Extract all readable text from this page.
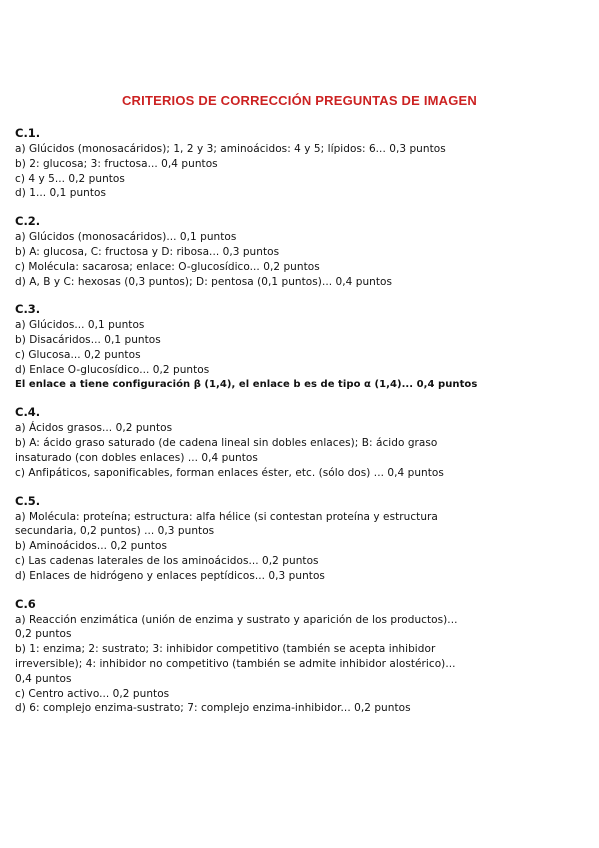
CRITERIOS DE CORRECCIÓN PREGUNTAS DE IMAGEN
C.1.
a) Glúcidos (monosacáridos); 1, 2 y 3; aminoácidos: 4 y 5; lípidos: 6... 0,3 puntos
b) 2: glucosa; 3: fructosa... 0,4 puntos
c) 4 y 5... 0,2 puntos
d) 1... 0,1 puntos
C.2.
a) Glúcidos (monosacáridos)... 0,1 puntos
b) A: glucosa, C: fructosa y D: ribosa... 0,3 puntos
c) Molécula: sacarosa; enlace: O-glucosídico... 0,2 puntos
d) A, B y C: hexosas (0,3 puntos); D: pentosa (0,1 puntos)... 0,4 puntos
C.3.
a) Glúcidos... 0,1 puntos
b) Disacáridos... 0,1 puntos
c) Glucosa... 0,2 puntos
d) Enlace O-glucosídico... 0,2 puntos
El enlace a tiene configuración β (1,4), el enlace b es de tipo α (1,4)... 0,4 puntos
C.4.
a) Ácidos grasos... 0,2 puntos
b) A: ácido graso saturado (de cadena lineal sin dobles enlaces); B: ácido graso
insaturado (con dobles enlaces) ... 0,4 puntos
c) Anfipáticos, saponificables, forman enlaces éster, etc. (sólo dos) ... 0,4 puntos
C.5.
a) Molécula: proteína; estructura: alfa hélice (si contestan proteína y estructura
secundaria, 0,2 puntos) ... 0,3 puntos
b) Aminoácidos... 0,2 puntos
c) Las cadenas laterales de los aminoácidos... 0,2 puntos
d) Enlaces de hidrógeno y enlaces peptídicos... 0,3 puntos
C.6
a) Reacción enzimática (unión de enzima y sustrato y aparición de los productos)...
0,2 puntos
b) 1: enzima; 2: sustrato; 3: inhibidor competitivo (también se acepta inhibidor
irreversible); 4: inhibidor no competitivo (también se admite inhibidor alostérico)...
0,4 puntos
c) Centro activo... 0,2 puntos
d) 6: complejo enzima-sustrato; 7: complejo enzima-inhibidor... 0,2 puntos
